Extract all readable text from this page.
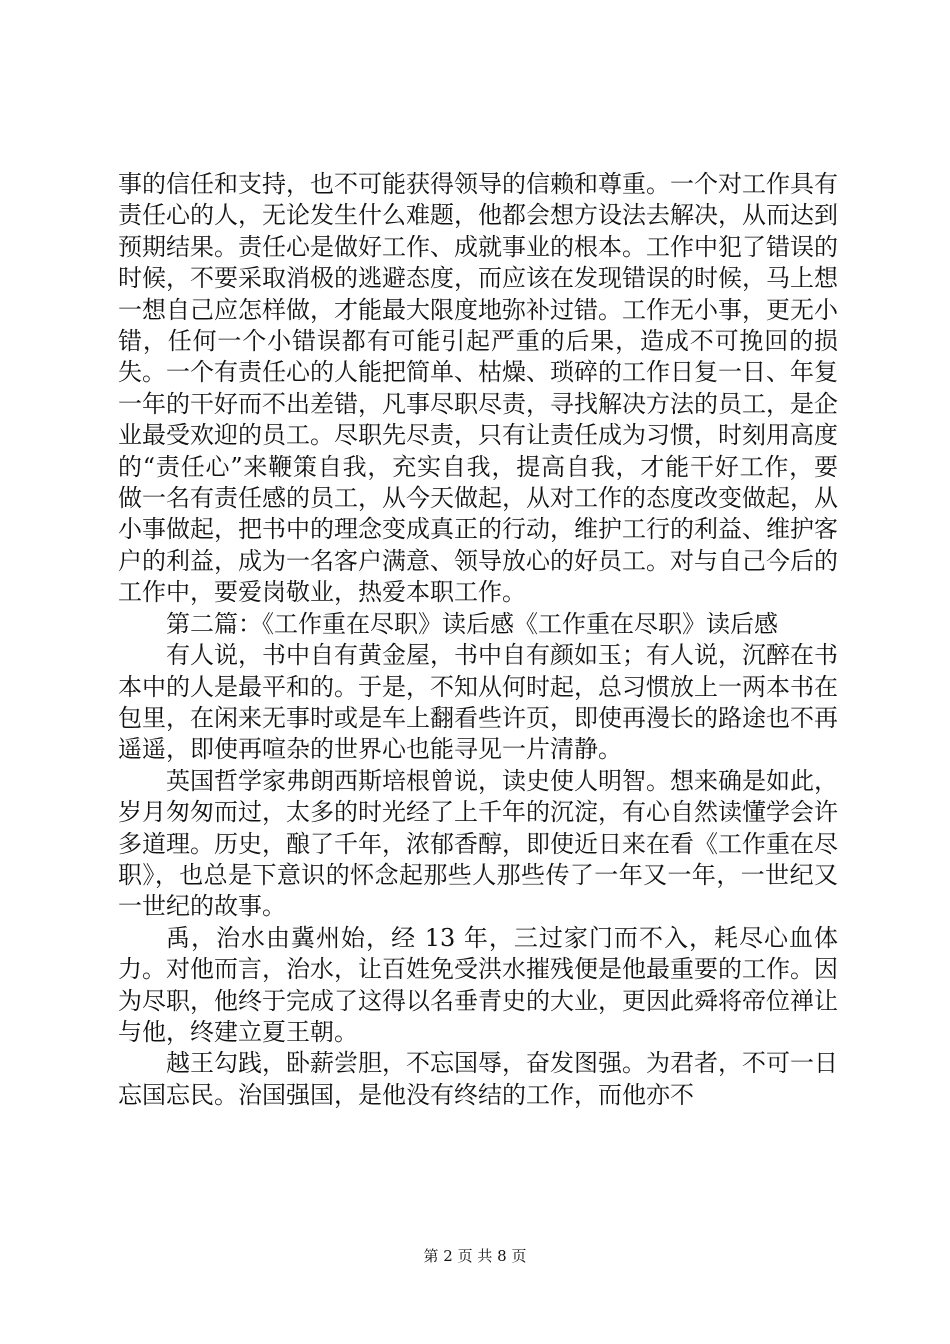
事的信任和支持，也不可能获得领导的信赖和尊重。一个对工作具有责任心的人，无论发生什么难题，他都会想方设法去解决，从而达到预期结果。责任心是做好工作、成就事业的根本。工作中犯了错误的时候，不要采取消极的逃避态度，而应该在发现错误的时候，马上想一想自己应怎样做，才能最大限度地弥补过错。工作无小事，更无小错，任何一个小错误都有可能引起严重的后果，造成不可挽回的损失。一个有责任心的人能把简单、枯燥、琐碎的工作日复一日、年复一年的干好而不出差错，凡事尽职尽责，寻找解决方法的员工，是企业最受欢迎的员工。尽职先尽责，只有让责任成为习惯，时刻用高度的“责任心”来鞭策自我，充实自我，提高自我，才能干好工作，要做一名有责任感的员工，从今天做起，从对工作的态度改变做起，从小事做起，把书中的理念变成真正的行动，维护工行的利益、维护客户的利益，成为一名客户满意、领导放心的好员工。对与自己今后的工作中，要爱岗敬业，热爱本职工作。

第二篇：《工作重在尽职》读后感《工作重在尽职》读后感

有人说，书中自有黄金屋，书中自有颜如玉；有人说，沉醉在书本中的人是最平和的。于是，不知从何时起，总习惯放上一两本书在包里，在闲来无事时或是车上翻看些许页，即使再漫长的路途也不再遥遥，即使再喧杂的世界心也能寻见一片清静。

英国哲学家弗朗西斯培根曾说，读史使人明智。想来确是如此，岁月匆匆而过，太多的时光经了上千年的沉淀，有心自然读懂学会许多道理。历史，酿了千年，浓郁香醇，即使近日来在看《工作重在尽职》，也总是下意识的怀念起那些人那些传了一年又一年，一世纪又一世纪的故事。

禹，治水由冀州始，经 13 年，三过家门而不入，耗尽心血体力。对他而言，治水，让百姓免受洪水摧残便是他最重要的工作。因为尽职，他终于完成了这得以名垂青史的大业，更因此舜将帝位禅让与他，终建立夏王朝。

越王勾践，卧薪尝胆，不忘国辱，奋发图强。为君者，不可一日忘国忘民。治国强国，是他没有终结的工作，而他亦不

第 2 页 共 8 页
